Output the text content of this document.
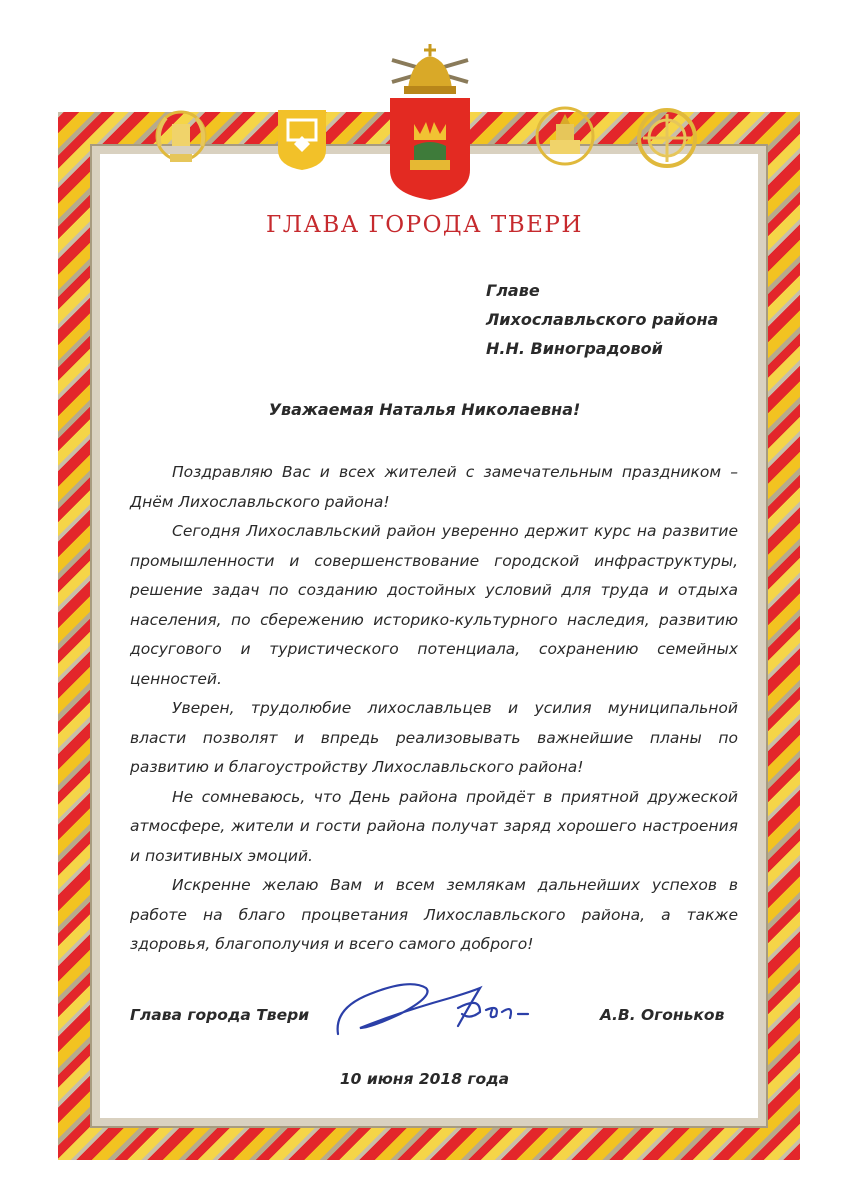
ГЛАВА ГОРОДА ТВЕРИ
Главе
Лихославльского района
Н.Н. Виноградовой
Уважаемая Наталья Николаевна!

Поздравляю Вас и всех жителей с замечательным праздником – Днём Лихославльского района!

Сегодня Лихославльский район уверенно держит курс на развитие промышленности и совершенствование городской инфраструктуры, решение задач по созданию достойных условий для труда и отдыха населения, по сбережению историко-культурного наследия, развитию досугового и туристического потенциала, сохранению семейных ценностей.

Уверен, трудолюбие лихославльцев и усилия муниципальной власти позволят и впредь реализовывать важнейшие планы по развитию и благоустройству Лихославльского района!

Не сомневаюсь, что День района пройдёт в приятной дружеской атмосфере, жители и гости района получат заряд хорошего настроения и позитивных эмоций.

Искренне желаю Вам и всем землякам дальнейших успехов в работе на благо процветания Лихославльского района, а также здоровья, благополучия и всего самого доброго!

Глава города Твери	А.В. Огоньков
10 июня 2018 года
